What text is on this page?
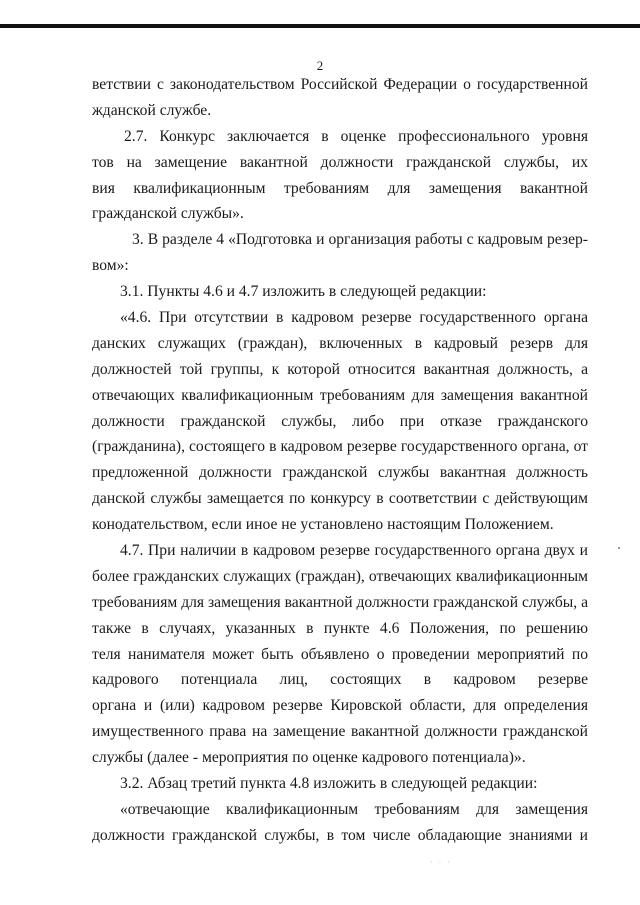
2
ветствии с законодательством Российской Федерации о государственной
жданской службе.
2.7. Конкурс заключается в оценке профессионального уровня
тов на замещение вакантной должности гражданской службы, их
вия квалификационным требованиям для замещения вакантной
гражданской службы».
3. В разделе 4 «Подготовка и организация работы с кадровым резер-
вом»:
3.1. Пункты 4.6 и 4.7 изложить в следующей редакции:
«4.6. При отсутствии в кадровом резерве государственного органа
данских служащих (граждан), включенных в кадровый резерв для
должностей той группы, к которой относится вакантная должность, а
отвечающих квалификационным требованиям для замещения вакантной
должности гражданской службы, либо при отказе гражданского
(гражданина), состоящего в кадровом резерве государственного органа, от
предложенной должности гражданской службы вакантная должность
данской службы замещается по конкурсу в соответствии с действующим
конодательством, если иное не установлено настоящим Положением.
4.7. При наличии в кадровом резерве государственного органа двух и
более гражданских служащих (граждан), отвечающих квалификационным
требованиям для замещения вакантной должности гражданской службы, а
также в случаях, указанных в пункте 4.6 Положения, по решению
теля нанимателя может быть объявлено о проведении мероприятий по
кадрового потенциала лиц, состоящих в кадровом резерве
органа и (или) кадровом резерве Кировской области, для определения
имущественного права на замещение вакантной должности гражданской
службы (далее - мероприятия по оценке кадрового потенциала)».
3.2. Абзац третий пункта 4.8 изложить в следующей редакции:
«отвечающие квалификационным требованиям для замещения
должности гражданской службы, в том числе обладающие знаниями и
· · ·
